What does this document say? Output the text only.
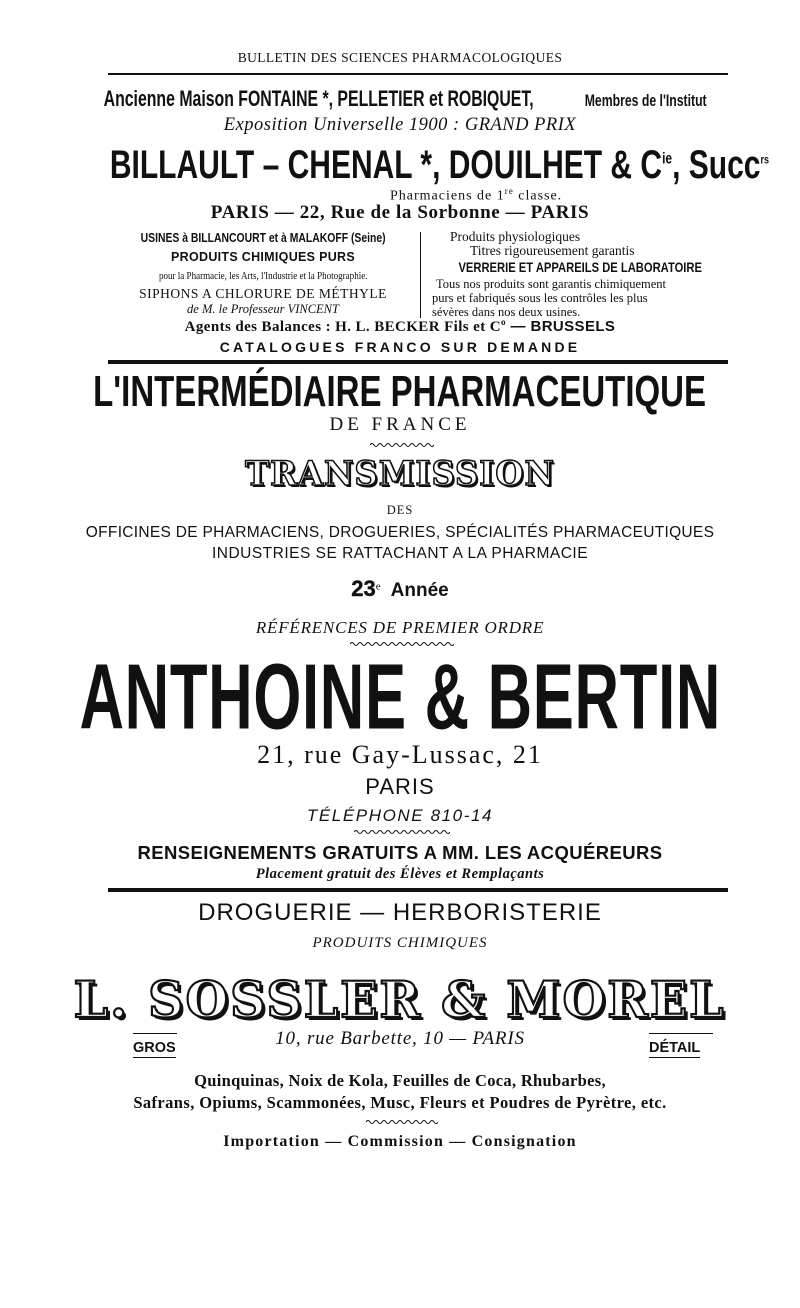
BULLETIN DES SCIENCES PHARMACOLOGIQUES
Ancienne Maison FONTAINE *, PELLETIER et ROBIQUET,	Membres de l'Institut
Exposition Universelle 1900 : GRAND PRIX
BILLAULT – CHENAL *, DOUILHET & $C^{ie}$, Succ$^{rs}$
Pharmaciens de 1re classe.
PARIS — 22, Rue de la Sorbonne — PARIS
USINES à BILLANCOURT et à MALAKOFF (Seine)
PRODUITS CHIMIQUES PURS
pour la Pharmacie, les Arts, l'Industrie et la Photographie.
SIPHONS A CHLORURE DE MÉTHYLE
de M. le Professeur VINCENT
Produits physiologiques
Titres rigoureusement garantis
VERRERIE ET APPAREILS DE LABORATOIRE
Tous nos produits sont garantis chimiquement
purs et fabriqués sous les contrôles les plus
sévères dans nos deux usines.
Agents des Balances : H. L. BECKER Fils et $C^o$ — BRUSSELS
CATALOGUES FRANCO SUR DEMANDE
L'INTERMÉDIAIRE PHARMACEUTIQUE
DE FRANCE
TRANSMISSION
DES
OFFICINES DE PHARMACIENS, DROGUERIES, SPÉCIALITÉS PHARMACEUTIQUES
INDUSTRIES SE RATTACHANT A LA PHARMACIE
23e Année
RÉFÉRENCES DE PREMIER ORDRE
ANTHOINE & BERTIN
21, rue Gay-Lussac, 21
PARIS
TÉLÉPHONE 810-14
RENSEIGNEMENTS GRATUITS A MM. LES ACQUÉREURS
Placement gratuit des Élèves et Remplaçants
DROGUERIE — HERBORISTERIE
PRODUITS CHIMIQUES
L. SOSSLER & MOREL
GROS	10, rue Barbette, 10 — PARIS	DÉTAIL
Quinquinas, Noix de Kola, Feuilles de Coca, Rhubarbes,
Safrans, Opiums, Scammonées, Musc, Fleurs et Poudres de Pyrètre, etc.
Importation — Commission — Consignation
